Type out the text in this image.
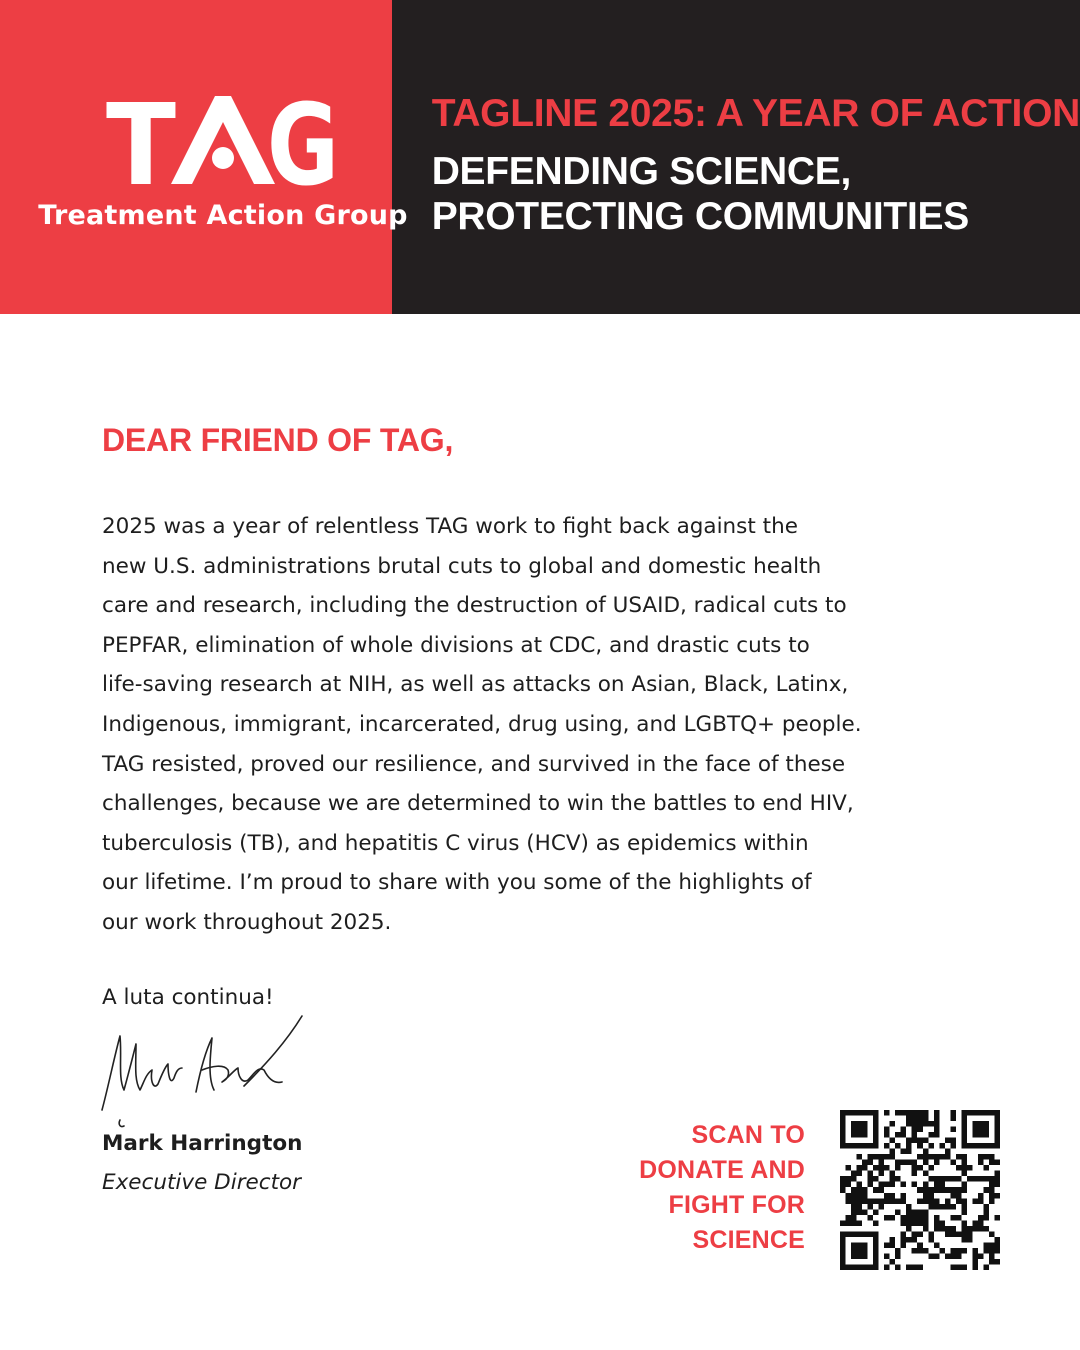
T G
Treatment Action Group
TAGLINE 2025: A YEAR OF ACTION
DEFENDING SCIENCE,
PROTECTING COMMUNITIES
DEAR FRIEND OF TAG,
2025 was a year of relentless TAG work to fight back against the
new U.S. administrations brutal cuts to global and domestic health
care and research, including the destruction of USAID, radical cuts to
PEPFAR, elimination of whole divisions at CDC, and drastic cuts to
life-saving research at NIH, as well as attacks on Asian, Black, Latinx,
Indigenous, immigrant, incarcerated, drug using, and LGBTQ+ people.
TAG resisted, proved our resilience, and survived in the face of these
challenges, because we are determined to win the battles to end HIV,
tuberculosis (TB), and hepatitis C virus (HCV) as epidemics within
our lifetime. I’m proud to share with you some of the highlights of
our work throughout 2025.
A luta continua!
Mark Harrington
Executive Director
SCAN TO
DONATE AND
FIGHT FOR
SCIENCE
